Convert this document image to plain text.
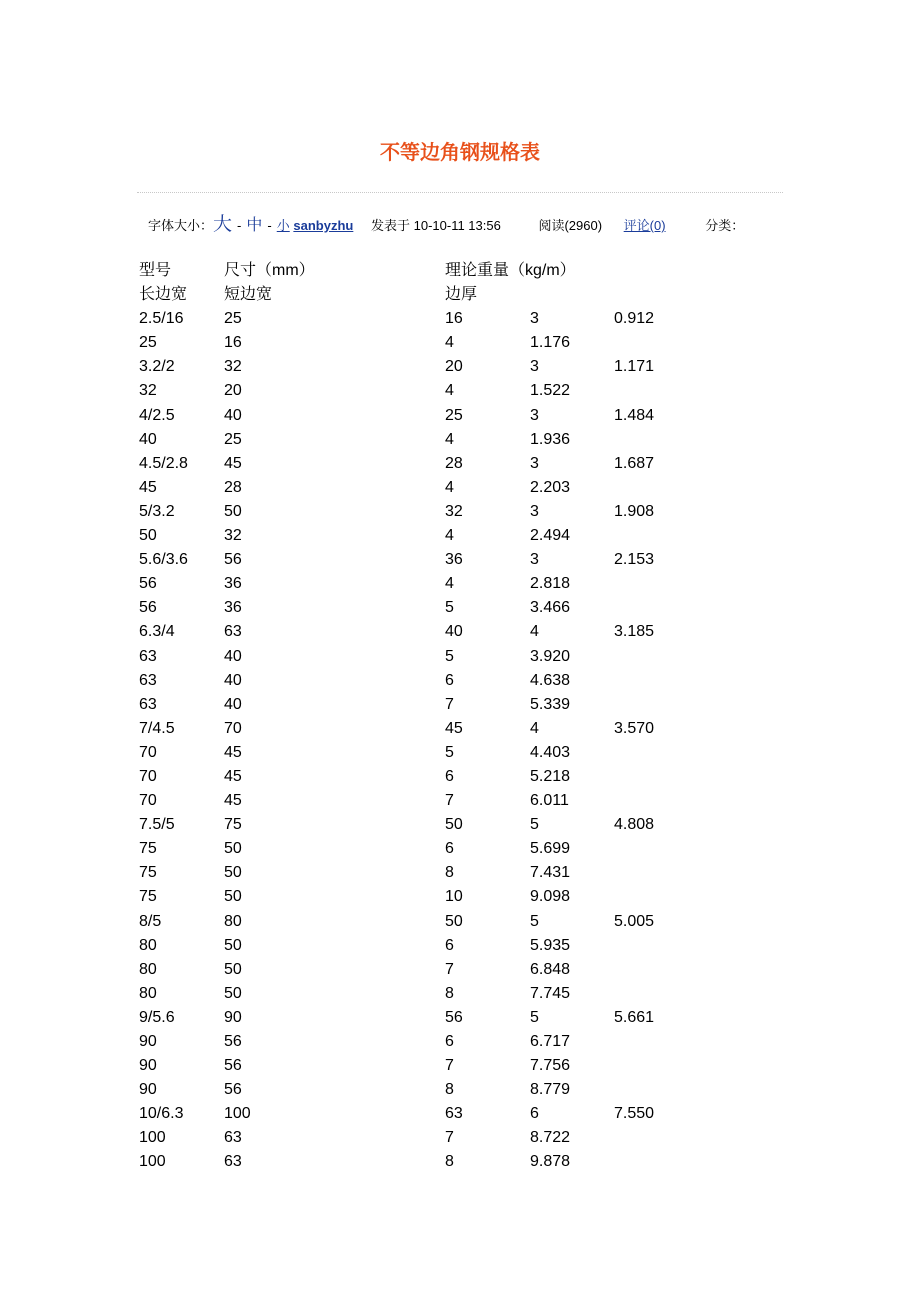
不等边角钢规格表
字体大小：大 - 中 - 小 sanbyzhu 发表于 10-10-11 13:56	阅读(2960) 评论(0)	分类：
型号	尺寸（mm）	理论重量（kg/m）
长边宽 短边宽	边厚
2.5/16	25	16	3	0.912
25	16	4	1.176
3.2/2	32	20	3	1.171
32	20	4	1.522
4/2.5	40	25	3	1.484
40	25	4	1.936
4.5/2.8 45	28	3	1.687
45	28	4	2.203
5/3.2	50	32	3	1.908
50	32	4	2.494
5.6/3.6 56	36	3	2.153
56	36	4	2.818
56	36	5	3.466
6.3/4	63	40	4	3.185
63	40	5	3.920
63	40	6	4.638
63	40	7	5.339
7/4.5	70	45	4	3.570
70	45	5	4.403
70	45	6	5.218
70	45	7	6.011
7.5/5	75	50	5	4.808
75	50	6	5.699
75	50	8	7.431
75	50	10	9.098
8/5	80	50	5	5.005
80	50	6	5.935
80	50	7	6.848
80	50	8	7.745
9/5.6	90	56	5	5.661
90	56	6	6.717
90	56	7	7.756
90	56	8	8.779
10/6.3	100	63	6	7.550
100	63	7	8.722
100	63	8	9.878
